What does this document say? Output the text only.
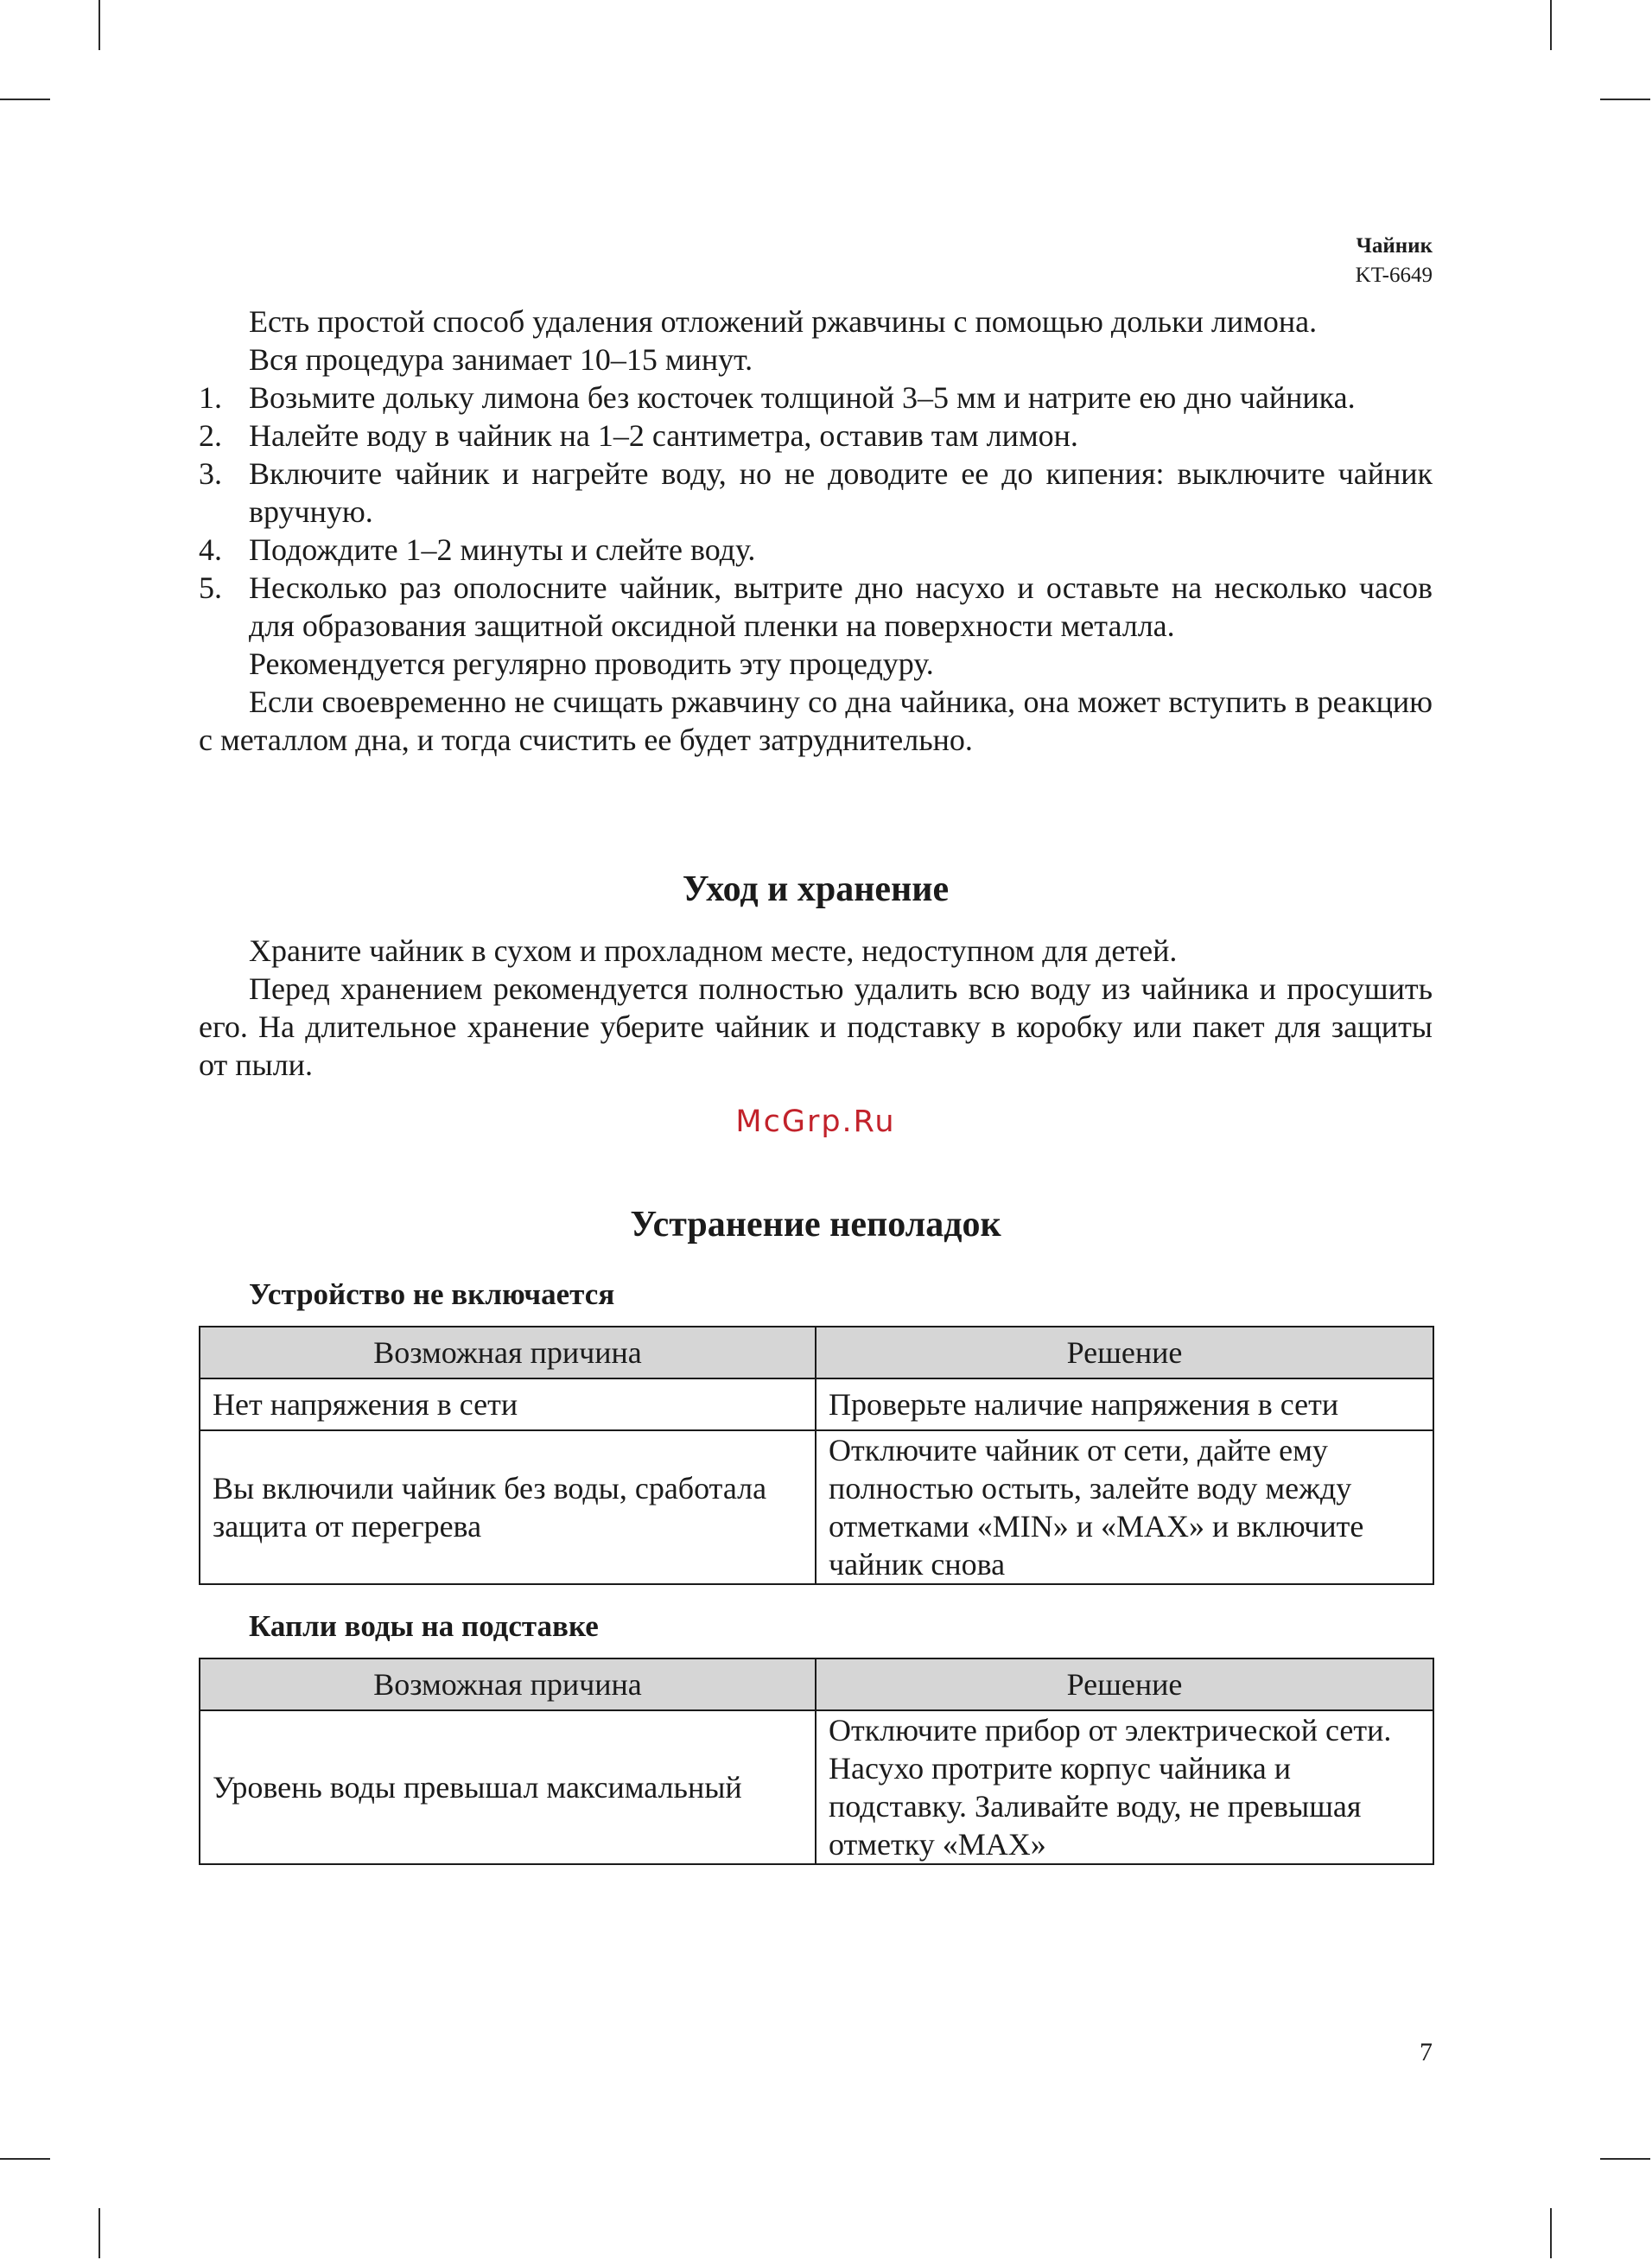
Чайник
KT-6649

Есть простой способ удаления отложений ржавчины с помощью дольки лимона.

Вся процедура занимает 10–15 минут.

1. Возьмите дольку лимона без косточек толщиной 3–5 мм и натрите ею дно чайника.
2. Налейте воду в чайник на 1–2 сантиметра, оставив там лимон.
3. Включите чайник и нагрейте воду, но не доводите ее до кипения: выключите чайник вручную.
4. Подождите 1–2 минуты и слейте воду.
5. Несколько раз ополосните чайник, вытрите дно насухо и оставьте на несколько часов для образования защитной оксидной пленки на поверхности металла.

Рекомендуется регулярно проводить эту процедуру.

Если своевременно не счищать ржавчину со дна чайника, она может вступить в реакцию с металлом дна, и тогда счистить ее будет затруднительно.

Уход и хранение

Храните чайник в сухом и прохладном месте, недоступном для детей.

Перед хранением рекомендуется полностью удалить всю воду из чайника и просушить его. На длительное хранение уберите чайник и подставку в коробку или пакет для защиты от пыли.

McGrp.Ru
Устранение неполадок
Устройство не включается
Возможная причина	Решение
Нет напряжения в сети	Проверьте наличие напряжения в сети
Вы включили чайник без воды, сработала защита от перегрева	Отключите чайник от сети, дайте ему полностью остыть, залейте воду между отметками «MIN» и «MAX» и включите чайник снова
Капли воды на подставке
Возможная причина	Решение
Уровень воды превышал максимальный	Отключите прибор от электрической сети. Насухо протрите корпус чайника и подставку. Заливайте воду, не превышая отметку «MAX»
7
